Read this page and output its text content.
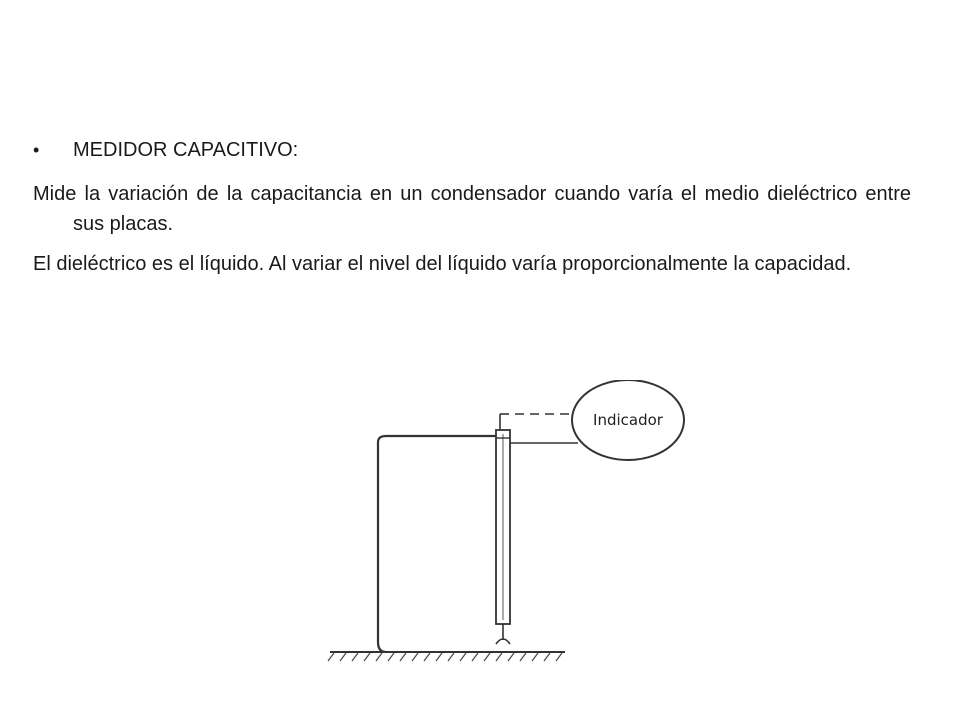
•	MEDIDOR CAPACITIVO:

Mide la variación de la capacitancia en un condensador cuando varía el medio dieléctrico entre sus placas.

El dieléctrico es el líquido. Al variar el nivel del líquido varía proporcionalmente la capacidad.

Indicador
